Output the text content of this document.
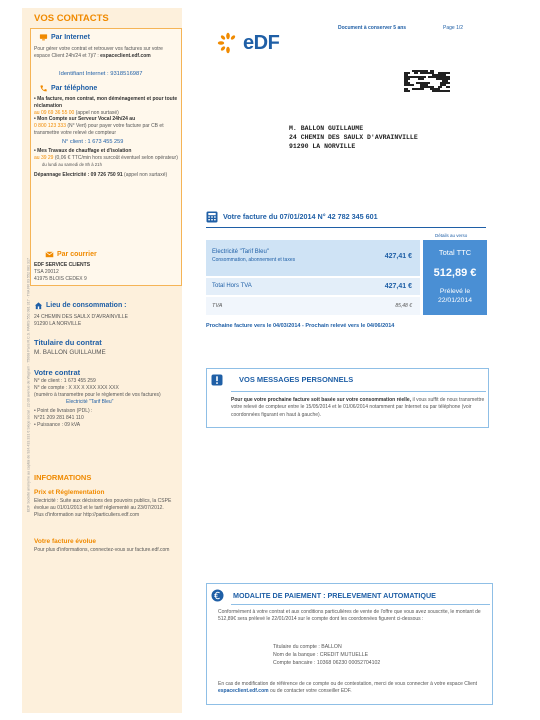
VOS CONTACTS
Par Internet
Pour gérer votre contrat et retrouver vos factures sur votre espace Client 24h/24 et 7j/7 : espaceclient.edf.com
Identifiant Internet : 9318516987
Par téléphone
• Ma facture, mon contrat, mon déménagement et pour toute réclamation
au 09 69 36 55 00 (appel non surtaxé)
• Mon Compte sur Serveur Vocal 24h/24 au
0 800 123 333 (N° Vert) pour payer votre facture par CB et transmettre votre relevé de compteur
N° client : 1 673 455 259
• Mes Travaux de chauffage et d'isolation
au 39 29 (0,06 € TTC/min hors surcoût éventuel selon opérateur)
du lundi au samedi de 8h à 21h
Dépannage Electricité : 09 726 750 91 (appel non surtaxé)
Par courrier
EDF SERVICE CLIENTS
TSA 20012
41975 BLOIS CEDEX 9
Lieu de consommation :
24 CHEMIN DES SAULX D'AVRAINVILLE
91290 LA NORVILLE
Titulaire du contrat
M. BALLON GUILLAUME
Votre contrat
N° de client : 1 673 455 259
N° de compte : X XX X XXX XXX XXX
(numéro à transmettre pour le règlement de vos factures)
Electricité "Tarif Bleu"
• Point de livraison (PDL) :
N°21 209 281 841 110
• Puissance : 09 kVA
INFORMATIONS
Prix et Réglementation
Electricité : Suite aux décisions des pouvoirs publics, la CSPE évolue au 01/01/2013 et le tarif réglementé au 23/07/2012. Plus d'information sur http://particuliers.edf.com
Votre facture évolue
Pour plus d'informations, connectez-vous sur facture.edf.com
EDF Société anonyme au capital de 924.433.331 € Siège social : 22-30 avenue de Wagram · 75008 Paris R.C.S. PARIS 552 081 317 · TVA FR 03 552 081 317
Document à conserver 5 ans	Page 1/2
eDF
M. BALLON GUILLAUME
24 CHEMIN DES SAULX D'AVRAINVILLE
91290 LA NORVILLE
Votre facture du 07/01/2014 N° 42 782 345 601
Détails au verso
Electricité "Tarif Bleu"
Consommation, abonnement et taxes	427,41 €
Total Hors TVA	427,41 €
TVA	85,48 €
Total TTC
512,89 €
Prélevé le
22/01/2014
Prochaine facture vers le 04/03/2014 - Prochain relevé vers le 04/06/2014
VOS MESSAGES PERSONNELS
Pour que votre prochaine facture soit basée sur votre consommation réelle, il vous suffit de nous transmettre votre relevé de compteur entre le 15/05/2014 et le 01/06/2014 notamment par Internet ou par téléphone (voir coordonnées figurant en haut à gauche).
MODALITE DE PAIEMENT : PRELEVEMENT AUTOMATIQUE
Conformément à votre contrat et aux conditions particulières de vente de l'offre que vous avez souscrite, le montant de 512,89€ sera prélevé le 22/01/2014 sur le compte dont les coordonnées figurent ci-dessous :
Titulaire du compte : BALLON
Nom de la banque : CREDIT MUTUELLE
Compte bancaire : 10368 06230 00052704102
En cas de modification de référence de ce compte ou de contestation, merci de vous connecter à votre espace Client espaceclient.edf.com ou de contacter votre conseiller EDF.
